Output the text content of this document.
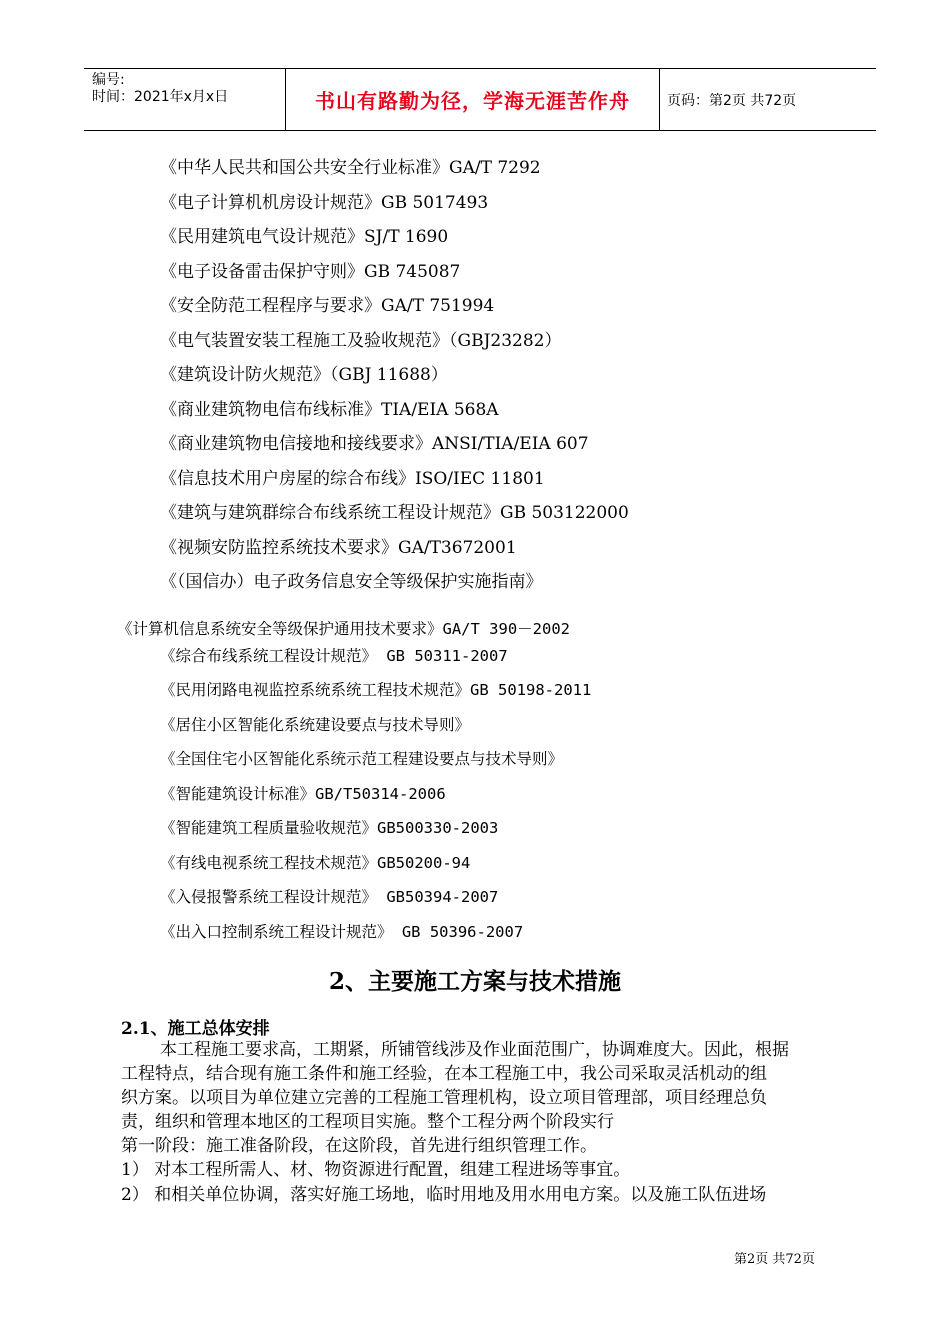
编号:
时间：2021年x月x日	书山有路勤为径，学海无涯苦作舟	页码：第2页 共72页
《中华人民共和国公共安全行业标准》GA/T 7292
《电子计算机机房设计规范》GB 5017493
《民用建筑电气设计规范》SJ/T 1690
《电子设备雷击保护守则》GB 745087
《安全防范工程程序与要求》GA/T 751994
《电气装置安装工程施工及验收规范》（GBJ23282）
《建筑设计防火规范》（GBJ 11688）
《商业建筑物电信布线标准》TIA/EIA 568A
《商业建筑物电信接地和接线要求》ANSI/TIA/EIA 607
《信息技术用户房屋的综合布线》ISO/IEC 11801
《建筑与建筑群综合布线系统工程设计规范》GB 503122000
《视频安防监控系统技术要求》GA/T3672001
《（国信办）电子政务信息安全等级保护实施指南》
《计算机信息系统安全等级保护通用技术要求》GA/T 390－2002
《综合布线系统工程设计规范》 GB 50311-2007
《民用闭路电视监控系统系统工程技术规范》GB 50198-2011
《居住小区智能化系统建设要点与技术导则》
《全国住宅小区智能化系统示范工程建设要点与技术导则》
《智能建筑设计标准》GB/T50314-2006
《智能建筑工程质量验收规范》GB500330-2003
《有线电视系统工程技术规范》GB50200-94
《入侵报警系统工程设计规范》 GB50394-2007
《出入口控制系统工程设计规范》 GB 50396-2007
2、主要施工方案与技术措施
2.1、施工总体安排
本工程施工要求高，工期紧，所铺管线涉及作业面范围广，协调难度大。因此，根据
工程特点，结合现有施工条件和施工经验，在本工程施工中，我公司采取灵活机动的组
织方案。以项目为单位建立完善的工程施工管理机构，设立项目管理部，项目经理总负
责，组织和管理本地区的工程项目实施。整个工程分两个阶段实行
第一阶段：施工准备阶段，在这阶段，首先进行组织管理工作。
1） 对本工程所需人、材、物资源进行配置，组建工程进场等事宜。
2） 和相关单位协调，落实好施工场地，临时用地及用水用电方案。以及施工队伍进场
第2页 共72页
